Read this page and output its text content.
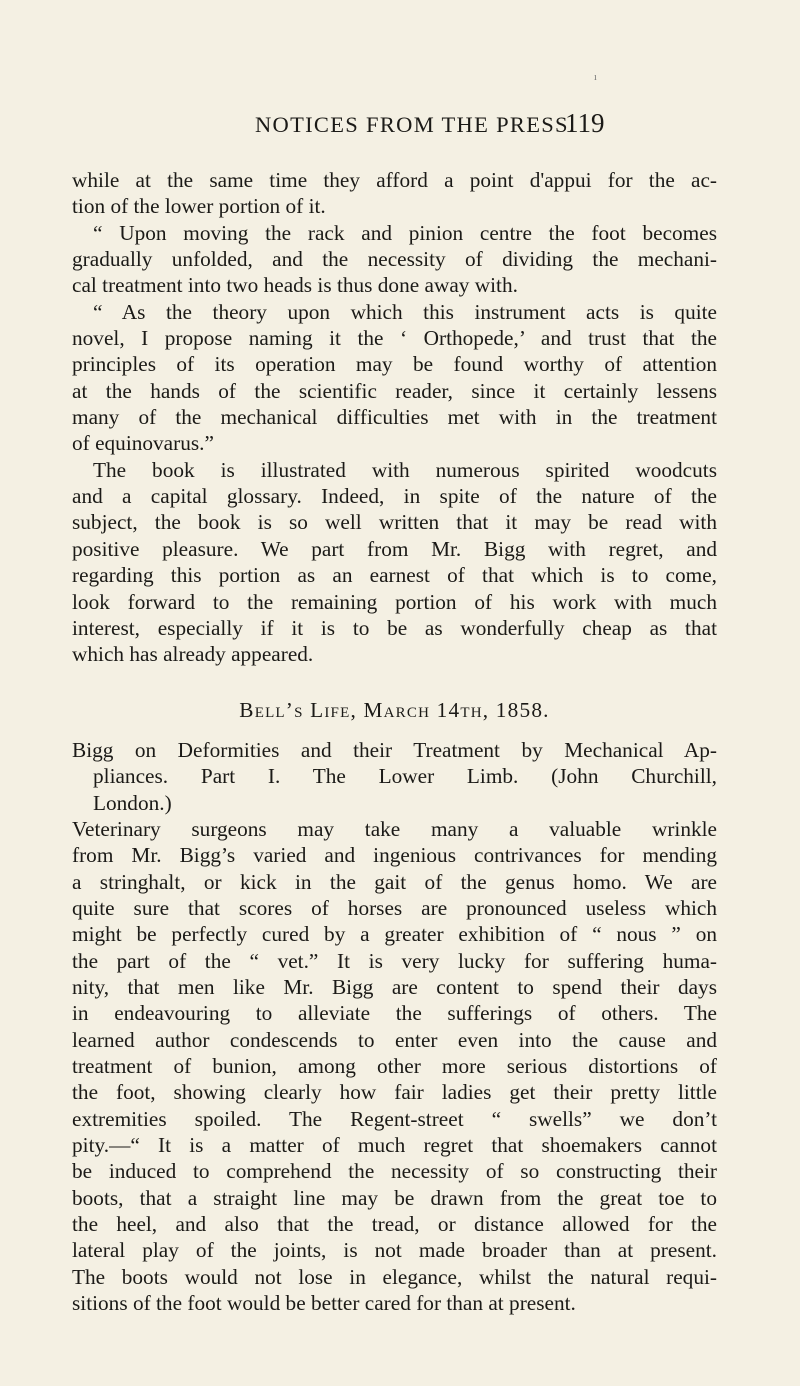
NOTICES FROM THE PRESS.
119
ı
while at the same time they afford a point d'appui for the ac-
tion of the lower portion of it.
“ Upon moving the rack and pinion centre the foot becomes
gradually unfolded, and the necessity of dividing the mechani-
cal treatment into two heads is thus done away with.
“ As the theory upon which this instrument acts is quite
novel, I propose naming it the ‘ Orthopede,’ and trust that the
principles of its operation may be found worthy of attention
at the hands of the scientific reader, since it certainly lessens
many of the mechanical difficulties met with in the treatment
of equinovarus.”
The book is illustrated with numerous spirited woodcuts
and a capital glossary. Indeed, in spite of the nature of the
subject, the book is so well written that it may be read with
positive pleasure. We part from Mr. Bigg with regret, and
regarding this portion as an earnest of that which is to come,
look forward to the remaining portion of his work with much
interest, especially if it is to be as wonderfully cheap as that
which has already appeared.
Bell’s Life, March 14th, 1858.
Bigg on Deformities and their Treatment by Mechanical Ap-
pliances. Part I. The Lower Limb. (John Churchill,
London.)
Veterinary surgeons may take many a valuable wrinkle
from Mr. Bigg’s varied and ingenious contrivances for mending
a stringhalt, or kick in the gait of the genus homo. We are
quite sure that scores of horses are pronounced useless which
might be perfectly cured by a greater exhibition of “ nous ” on
the part of the “ vet.” It is very lucky for suffering huma-
nity, that men like Mr. Bigg are content to spend their days
in endeavouring to alleviate the sufferings of others. The
learned author condescends to enter even into the cause and
treatment of bunion, among other more serious distortions of
the foot, showing clearly how fair ladies get their pretty little
extremities spoiled. The Regent-street “ swells” we don’t
pity.—“ It is a matter of much regret that shoemakers cannot
be induced to comprehend the necessity of so constructing their
boots, that a straight line may be drawn from the great toe to
the heel, and also that the tread, or distance allowed for the
lateral play of the joints, is not made broader than at present.
The boots would not lose in elegance, whilst the natural requi-
sitions of the foot would be better cared for than at present.
